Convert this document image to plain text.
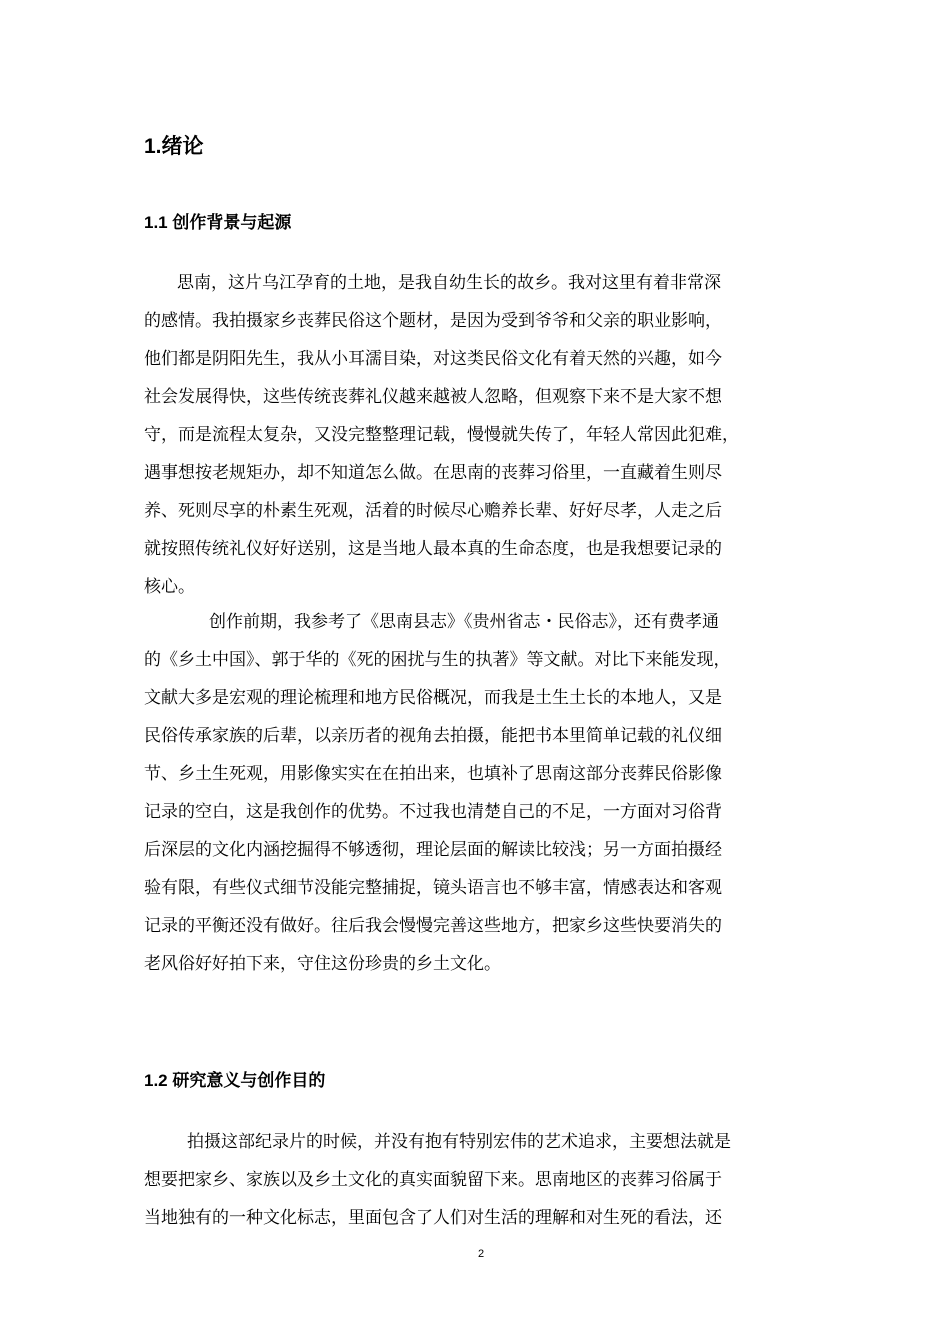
1.绪论
1.1 创作背景与起源

思南，这片乌江孕育的土地，是我自幼生长的故乡。我对这里有着非常深

的感情。我拍摄家乡丧葬民俗这个题材，是因为受到爷爷和父亲的职业影响，

他们都是阴阳先生，我从小耳濡目染，对这类民俗文化有着天然的兴趣，如今

社会发展得快，这些传统丧葬礼仪越来越被人忽略，但观察下来不是大家不想

守，而是流程太复杂，又没完整整理记载，慢慢就失传了，年轻人常因此犯难，

遇事想按老规矩办，却不知道怎么做。在思南的丧葬习俗里，一直藏着生则尽

养、死则尽享的朴素生死观，活着的时候尽心赡养长辈、好好尽孝，人走之后

就按照传统礼仪好好送别，这是当地人最本真的生命态度，也是我想要记录的

核心。

创作前期，我参考了《思南县志》《贵州省志・民俗志》，还有费孝通

的《乡土中国》、郭于华的《死的困扰与生的执著》等文献。对比下来能发现，

文献大多是宏观的理论梳理和地方民俗概况，而我是土生土长的本地人，又是

民俗传承家族的后辈，以亲历者的视角去拍摄，能把书本里简单记载的礼仪细

节、乡土生死观，用影像实实在在拍出来，也填补了思南这部分丧葬民俗影像

记录的空白，这是我创作的优势。不过我也清楚自己的不足，一方面对习俗背

后深层的文化内涵挖掘得不够透彻，理论层面的解读比较浅；另一方面拍摄经

验有限，有些仪式细节没能完整捕捉，镜头语言也不够丰富，情感表达和客观

记录的平衡还没有做好。往后我会慢慢完善这些地方，把家乡这些快要消失的

老风俗好好拍下来，守住这份珍贵的乡土文化。

1.2 研究意义与创作目的

拍摄这部纪录片的时候，并没有抱有特别宏伟的艺术追求，主要想法就是

想要把家乡、家族以及乡土文化的真实面貌留下来。思南地区的丧葬习俗属于

当地独有的一种文化标志，里面包含了人们对生活的理解和对生死的看法，还

2
